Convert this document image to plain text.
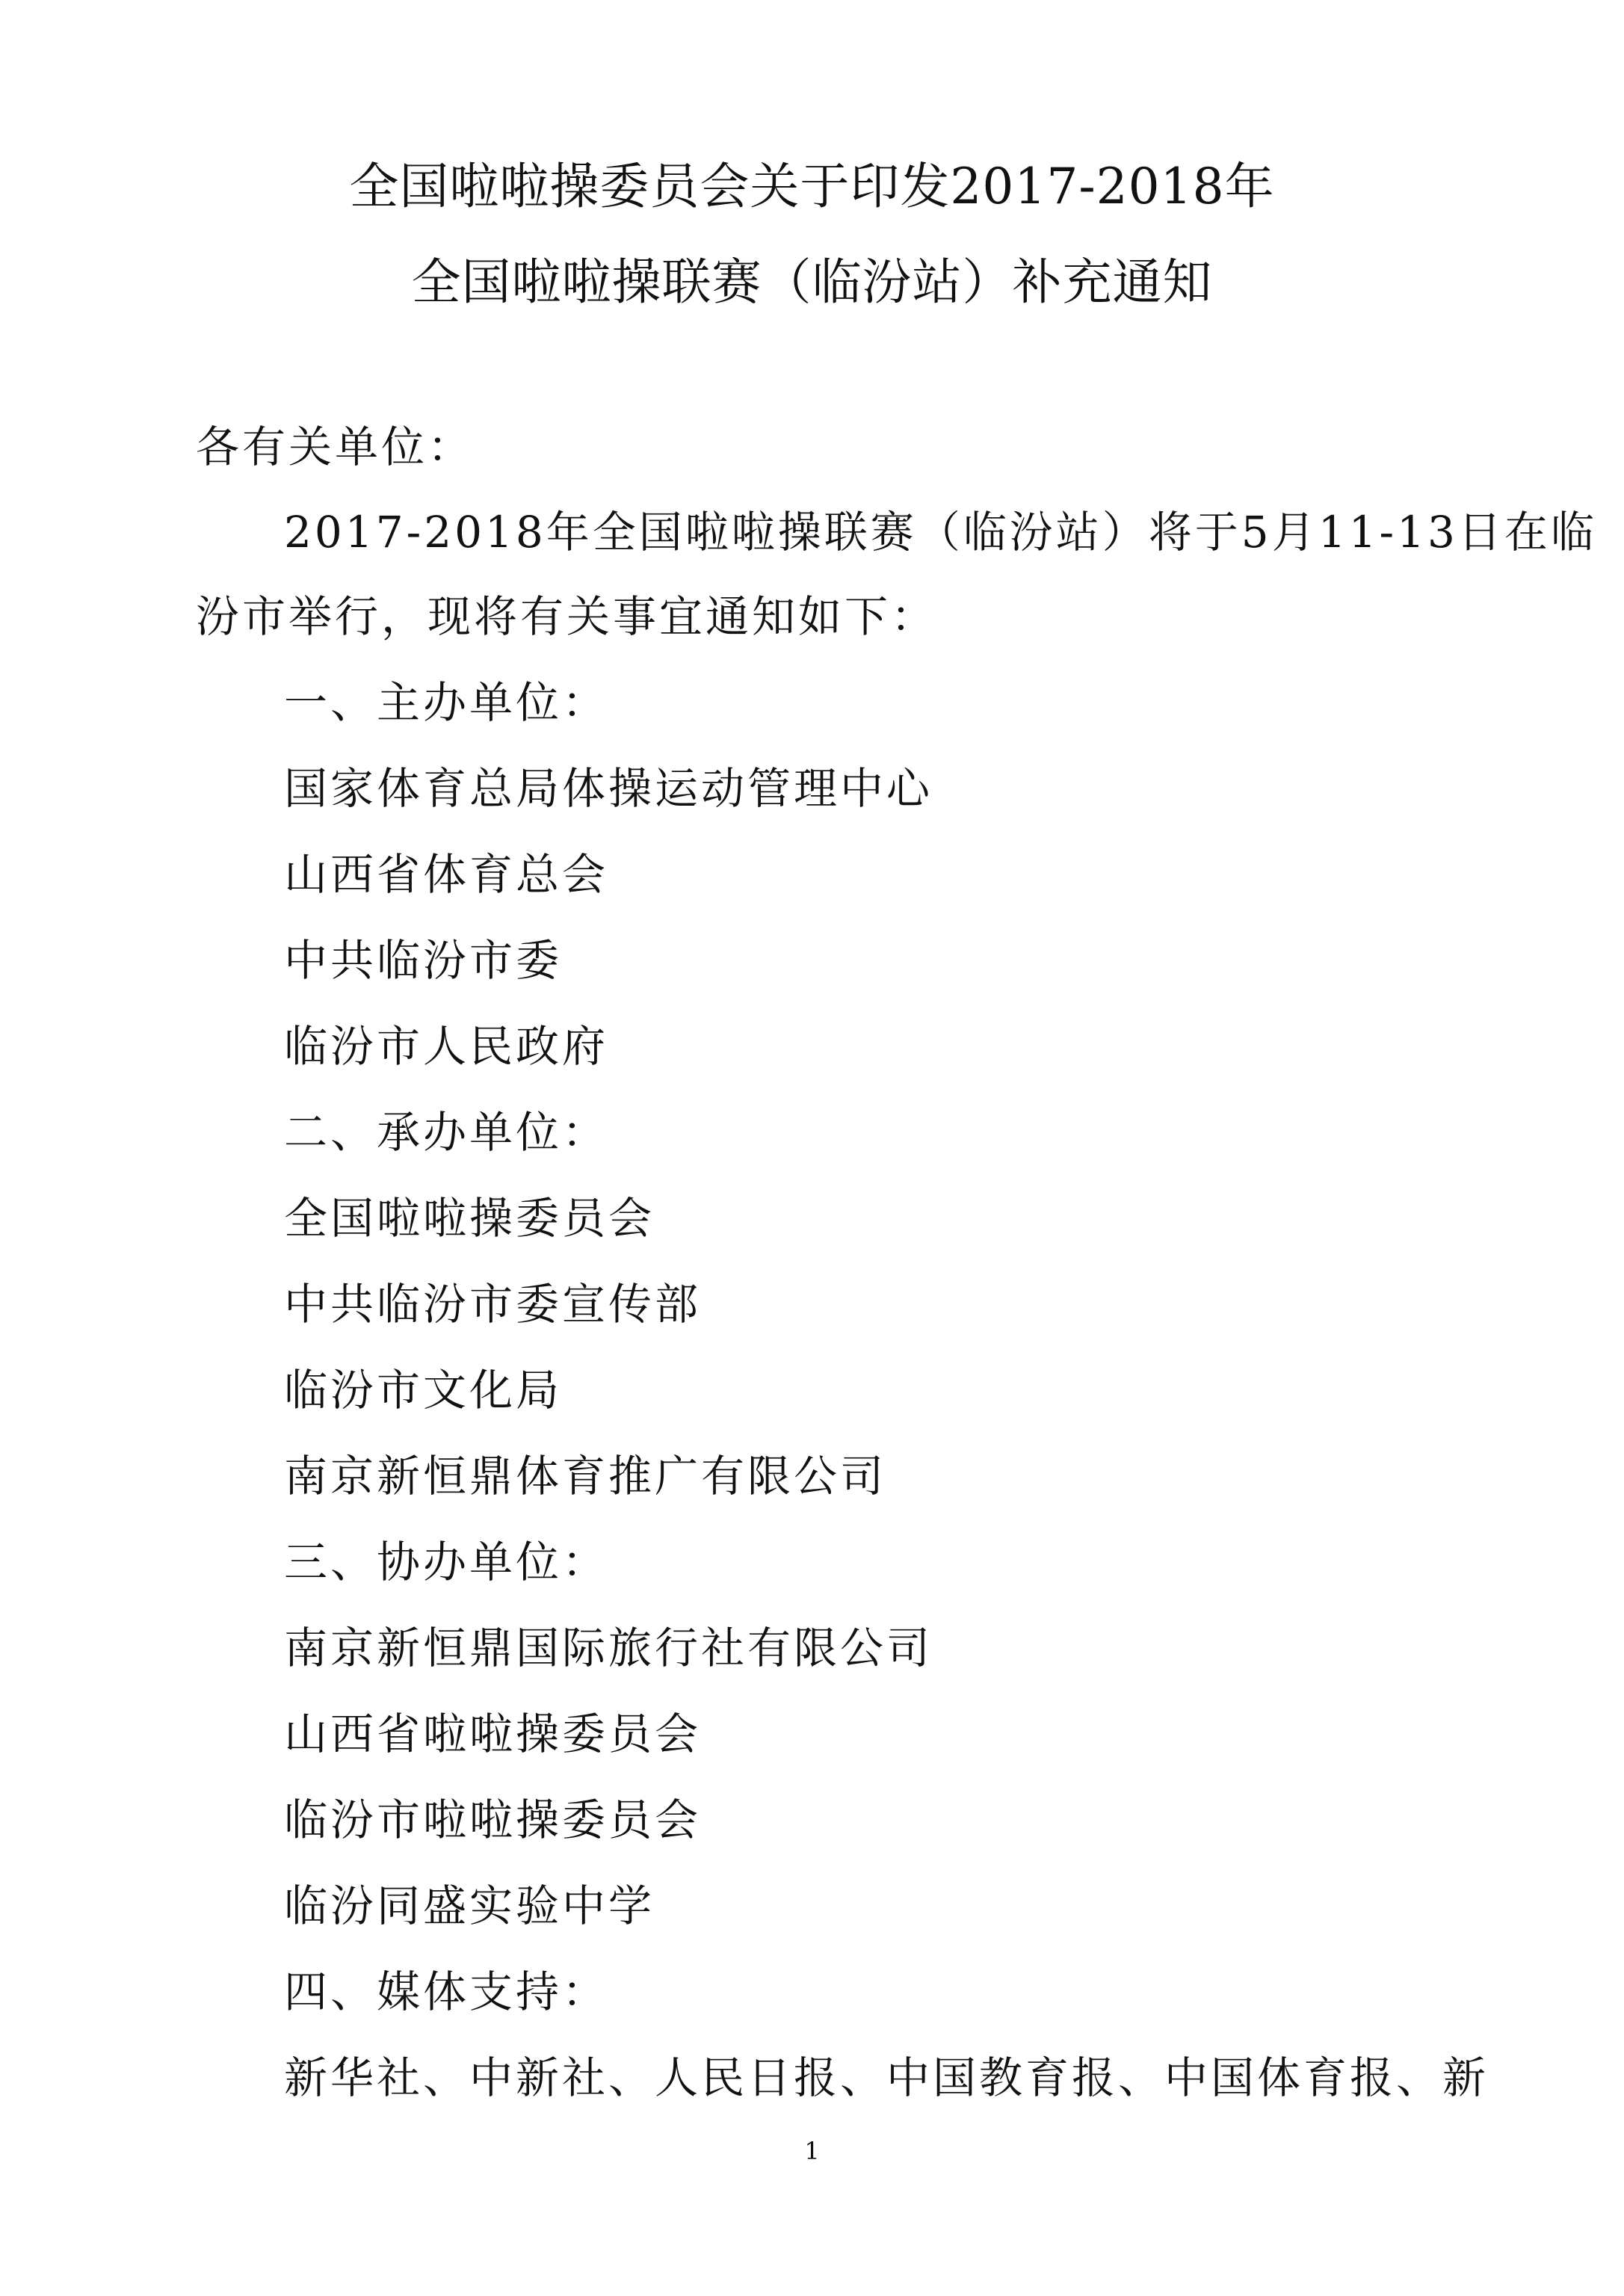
全国啦啦操委员会关于印发2017-2018年
全国啦啦操联赛（临汾站）补充通知
各有关单位：
2017-2018年全国啦啦操联赛（临汾站）将于5月11-13日在临
汾市举行，现将有关事宜通知如下：
一、主办单位：
国家体育总局体操运动管理中心
山西省体育总会
中共临汾市委
临汾市人民政府
二、承办单位：
全国啦啦操委员会
中共临汾市委宣传部
临汾市文化局
南京新恒鼎体育推广有限公司
三、协办单位：
南京新恒鼎国际旅行社有限公司
山西省啦啦操委员会
临汾市啦啦操委员会
临汾同盛实验中学
四、媒体支持：
新华社、中新社、人民日报、中国教育报、中国体育报、新
1
